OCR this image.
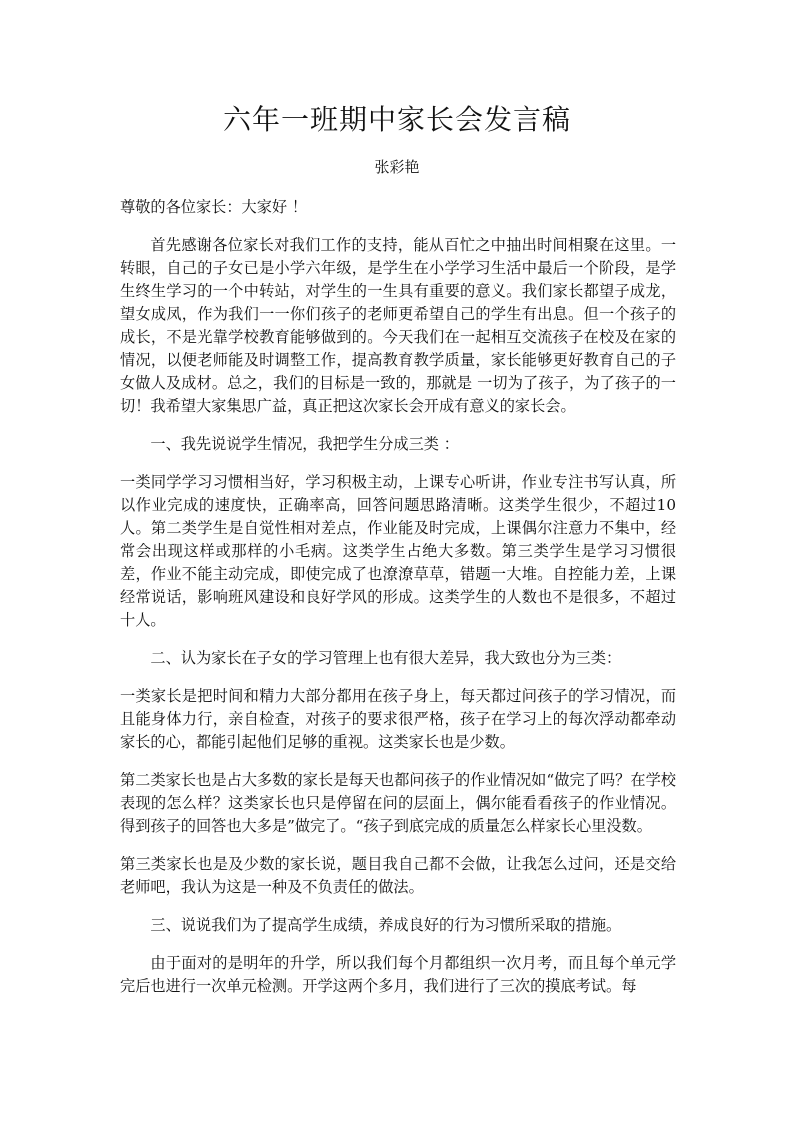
六年一班期中家长会发言稿
张彩艳

尊敬的各位家长：大家好 ！

首先感谢各位家长对我们工作的支持，能从百忙之中抽出时间相聚在这里。一转眼，自己的子女已是小学六年级，是学生在小学学习生活中最后一个阶段，是学生终生学习的一个中转站，对学生的一生具有重要的意义。我们家长都望子成龙，望女成凤，作为我们一一你们孩子的老师更希望自己的学生有出息。但一个孩子的成长，不是光靠学校教育能够做到的。今天我们在一起相互交流孩子在校及在家的情况，以便老师能及时调整工作，提高教育教学质量，家长能够更好教育自己的子女做人及成材。总之，我们的目标是一致的，那就是 一切为了孩子，为了孩子的一切！我希望大家集思广益，真正把这次家长会开成有意义的家长会。

一、我先说说学生情况，我把学生分成三类 ：

一类同学学习习惯相当好，学习积极主动，上课专心听讲，作业专注书写认真，所以作业完成的速度快，正确率高，回答问题思路清晰。这类学生很少，不超过10人。第二类学生是自觉性相对差点，作业能及时完成，上课偶尔注意力不集中，经常会出现这样或那样的小毛病。这类学生占绝大多数。第三类学生是学习习惯很差，作业不能主动完成，即使完成了也潦潦草草，错题一大堆。自控能力差，上课经常说话，影响班风建设和良好学风的形成。这类学生的人数也不是很多，不超过十人。

二、认为家长在子女的学习管理上也有很大差异，我大致也分为三类：

一类家长是把时间和精力大部分都用在孩子身上，每天都过问孩子的学习情况，而且能身体力行，亲自检查，对孩子的要求很严格，孩子在学习上的每次浮动都牵动家长的心，都能引起他们足够的重视。这类家长也是少数。

第二类家长也是占大多数的家长是每天也都问孩子的作业情况如“做完了吗？在学校表现的怎么样？这类家长也只是停留在问的层面上，偶尔能看看孩子的作业情况。得到孩子的回答也大多是”做完了。“孩子到底完成的质量怎么样家长心里没数。

第三类家长也是及少数的家长说，题目我自己都不会做，让我怎么过问，还是交给老师吧，我认为这是一种及不负责任的做法。

三、说说我们为了提高学生成绩，养成良好的行为习惯所采取的措施。

由于面对的是明年的升学，所以我们每个月都组织一次月考，而且每个单元学完后也进行一次单元检测。开学这两个多月，我们进行了三次的摸底考试。每
